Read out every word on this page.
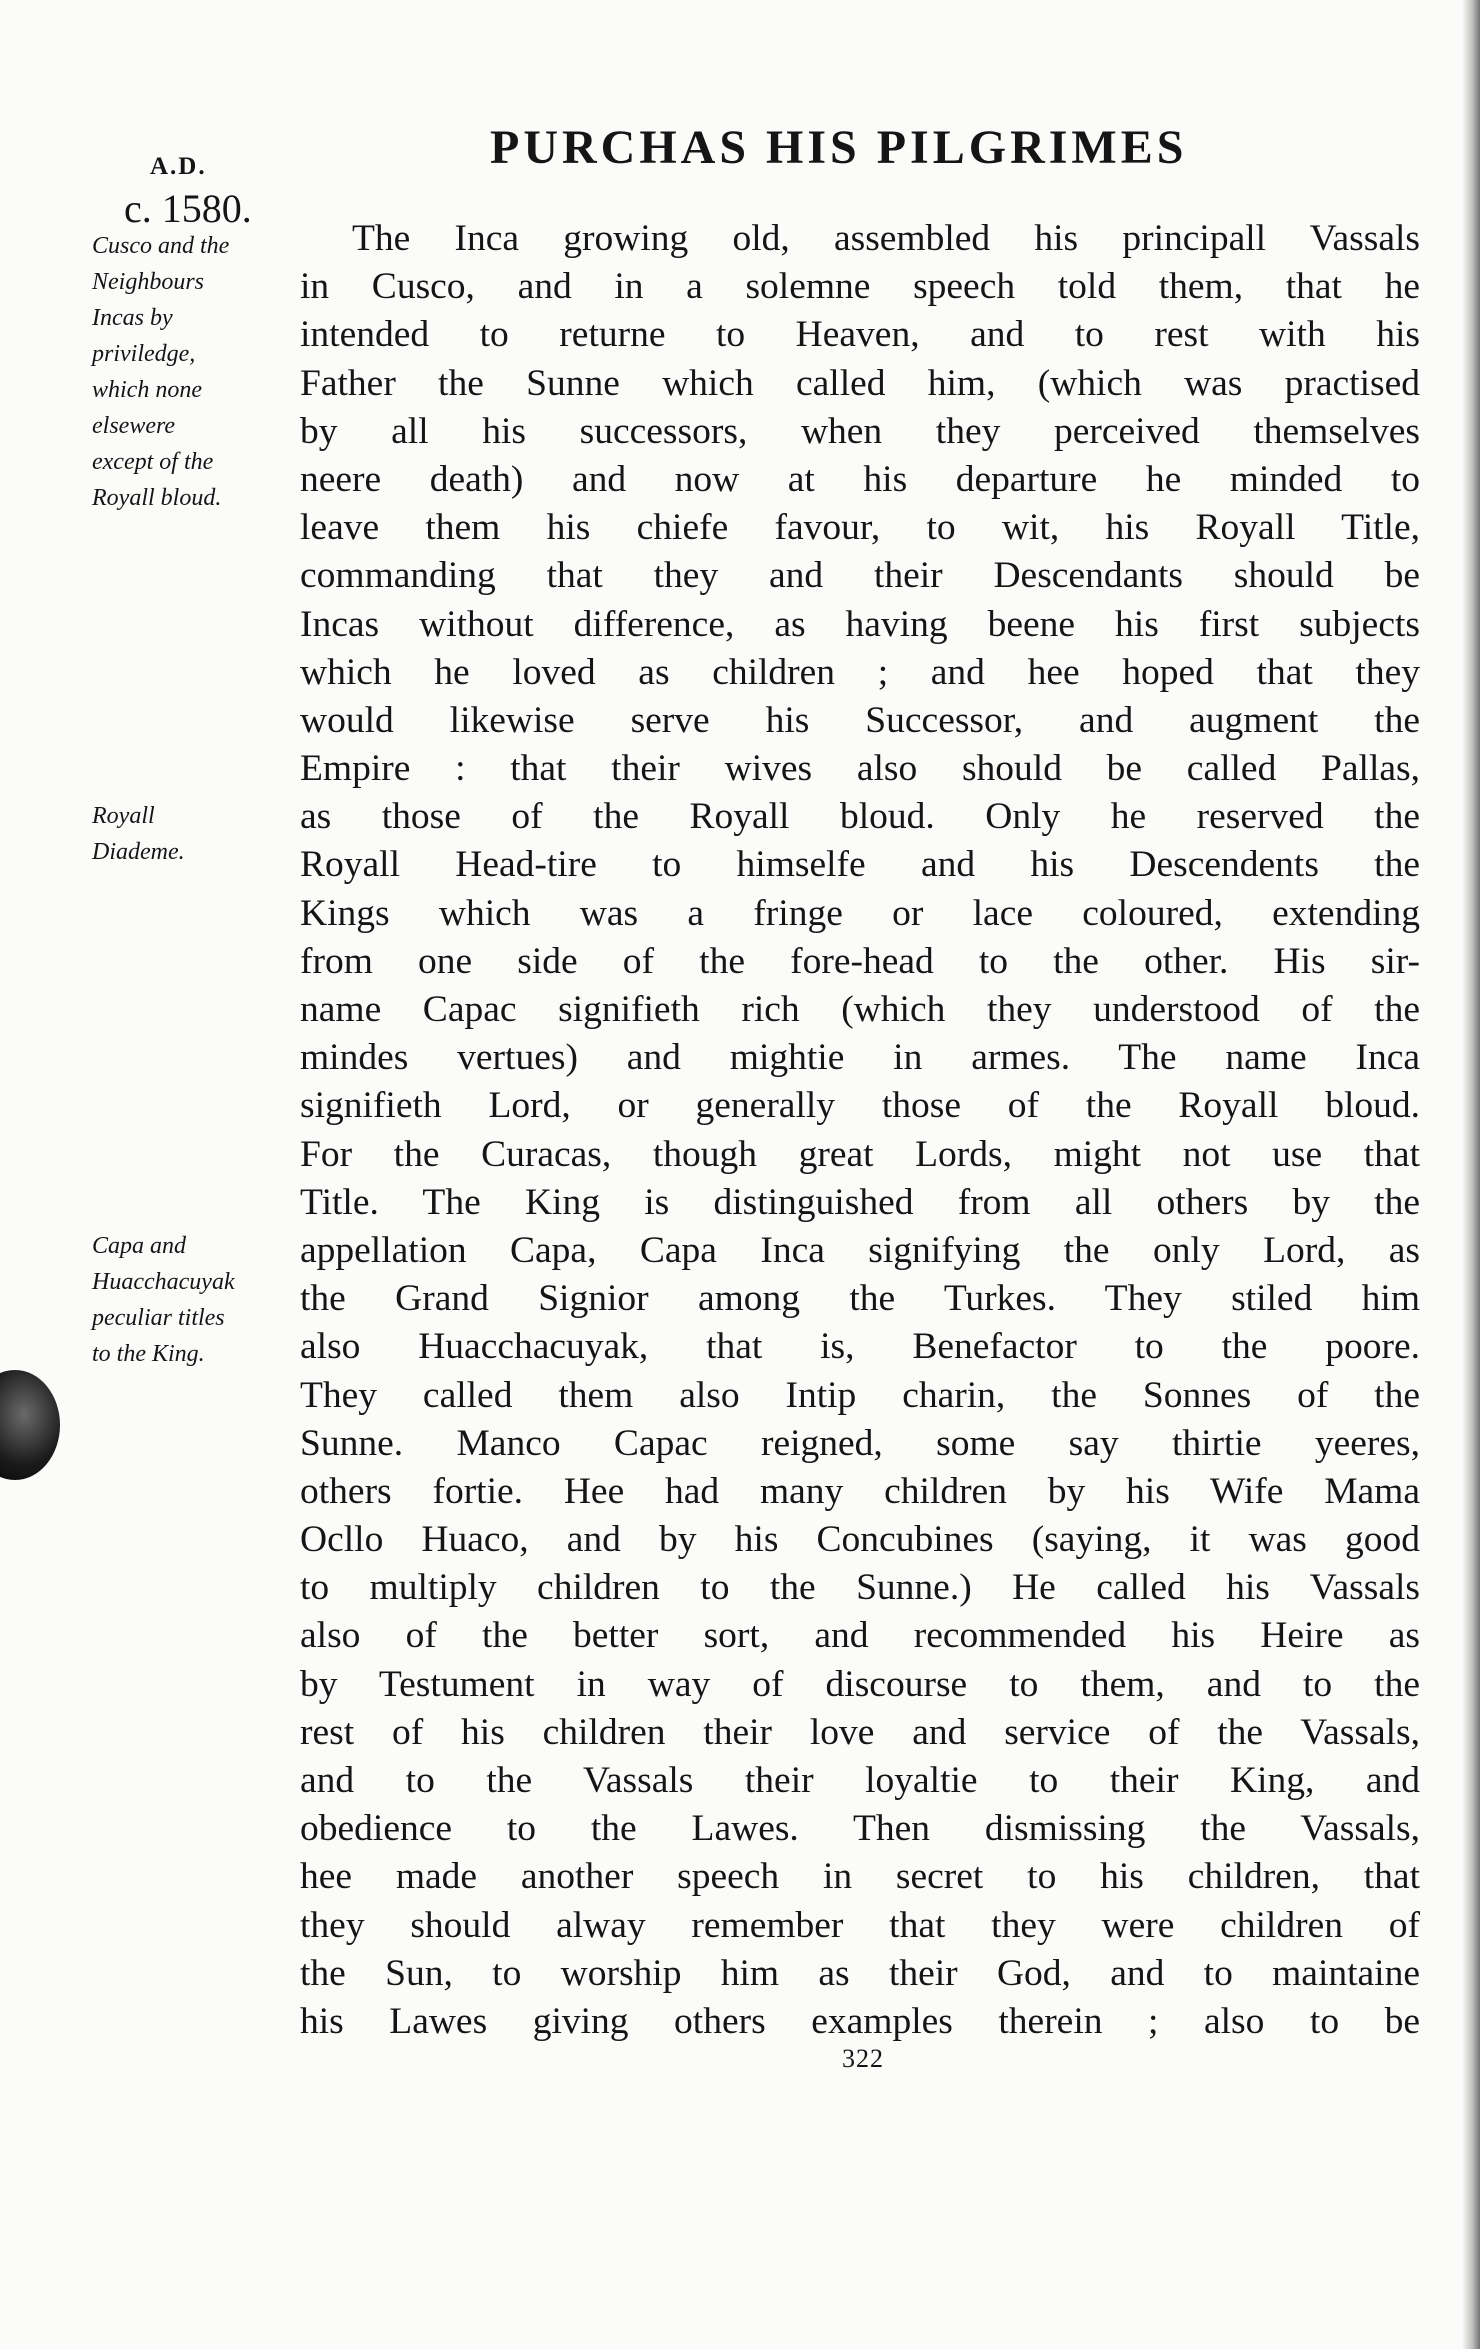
A.D.
c. 1580.
PURCHAS HIS PILGRIMES
Cusco and the
Neighbours
Incas by
priviledge,
which none
elsewere
except of the
Royall bloud.
Royall
Diademe.
Capa and
Huacchacuyak
peculiar titles
to the King.
The Inca growing old, assembled his principall Vassals
in Cusco, and in a solemne speech told them, that he
intended to returne to Heaven, and to rest with his
Father the Sunne which called him, (which was practised
by all his successors, when they perceived themselves
neere death) and now at his departure he minded to
leave them his chiefe favour, to wit, his Royall Title,
commanding that they and their Descendants should be
Incas without difference, as having beene his first subjects
which he loved as children ; and hee hoped that they
would likewise serve his Successor, and augment the
Empire : that their wives also should be called Pallas,
as those of the Royall bloud. Only he reserved the
Royall Head-tire to himselfe and his Descendents the
Kings which was a fringe or lace coloured, extending
from one side of the fore-head to the other. His sir-
name Capac signifieth rich (which they understood of the
mindes vertues) and mightie in armes. The name Inca
signifieth Lord, or generally those of the Royall bloud.
For the Curacas, though great Lords, might not use that
Title. The King is distinguished from all others by the
appellation Capa, Capa Inca signifying the only Lord, as
the Grand Signior among the Turkes. They stiled him
also Huacchacuyak, that is, Benefactor to the poore.
They called them also Intip charin, the Sonnes of the
Sunne. Manco Capac reigned, some say thirtie yeeres,
others fortie. Hee had many children by his Wife Mama
Ocllo Huaco, and by his Concubines (saying, it was good
to multiply children to the Sunne.) He called his Vassals
also of the better sort, and recommended his Heire as
by Testument in way of discourse to them, and to the
rest of his children their love and service of the Vassals,
and to the Vassals their loyaltie to their King, and
obedience to the Lawes. Then dismissing the Vassals,
hee made another speech in secret to his children, that
they should alway remember that they were children of
the Sun, to worship him as their God, and to maintaine
his Lawes giving others examples therein ; also to be
322
